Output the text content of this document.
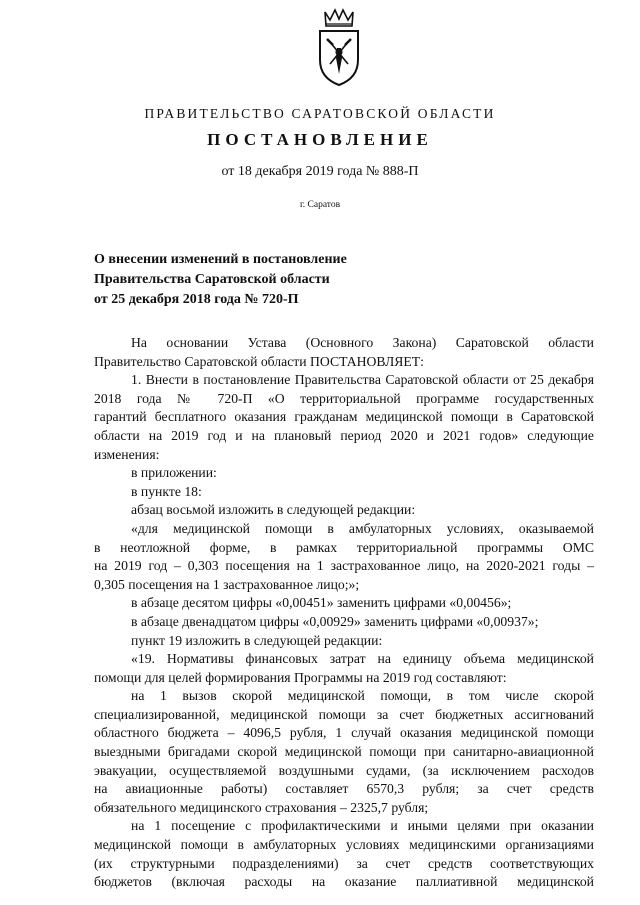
ПРАВИТЕЛЬСТВО САРАТОВСКОЙ ОБЛАСТИ
ПОСТАНОВЛЕНИЕ
от 18 декабря 2019 года № 888-П
г. Саратов
О внесении изменений в постановление
Правительства Саратовской области
от 25 декабря 2018 года № 720-П
На основании Устава (Основного Закона) Саратовской области
Правительство Саратовской области ПОСТАНОВЛЯЕТ:
1. Внести в постановление Правительства Саратовской области от 25 декабря
2018 года № 720-П «О территориальной программе государственных
гарантий бесплатного оказания гражданам медицинской помощи в Саратовской
области на 2019 год и на плановый период 2020 и 2021 годов» следующие
изменения:
в приложении:
в пункте 18:
абзац восьмой изложить в следующей редакции:
«для медицинской помощи в амбулаторных условиях, оказываемой
в неотложной форме, в рамках территориальной программы ОМС
на 2019 год – 0,303 посещения на 1 застрахованное лицо, на 2020-2021 годы –
0,305 посещения на 1 застрахованное лицо;»;
в абзаце десятом цифры «0,00451» заменить цифрами «0,00456»;
в абзаце двенадцатом цифры «0,00929» заменить цифрами «0,00937»;
пункт 19 изложить в следующей редакции:
«19. Нормативы финансовых затрат на единицу объема медицинской
помощи для целей формирования Программы на 2019 год составляют:
на 1 вызов скорой медицинской помощи, в том числе скорой
специализированной, медицинской помощи за счет бюджетных ассигнований
областного бюджета – 4096,5 рубля, 1 случай оказания медицинской помощи
выездными бригадами скорой медицинской помощи при санитарно-авиационной
эвакуации, осуществляемой воздушными судами, (за исключением расходов
на авиационные работы) составляет 6570,3 рубля; за счет средств
обязательного медицинского страхования – 2325,7 рубля;
на 1 посещение с профилактическими и иными целями при оказании
медицинской помощи в амбулаторных условиях медицинскими организациями
(их структурными подразделениями) за счет средств соответствующих
бюджетов (включая расходы на оказание паллиативной медицинской
